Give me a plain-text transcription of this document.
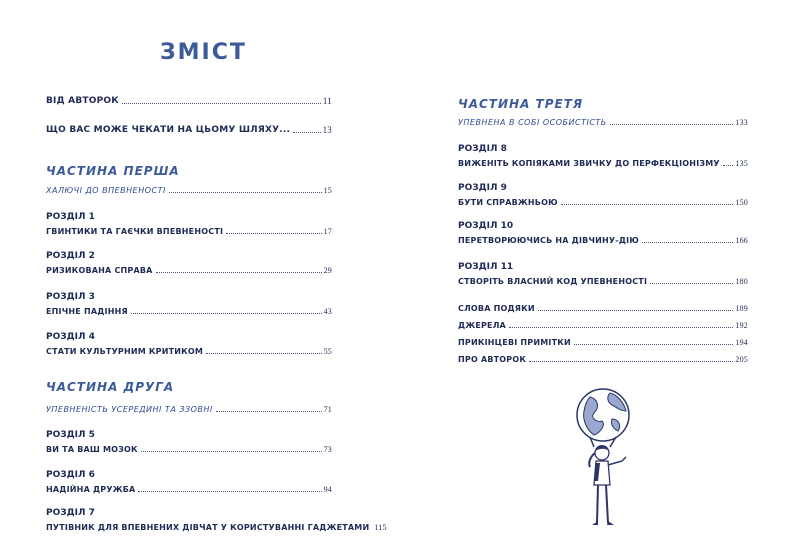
ЗМІСТ
ВІД АВТОРОК	11
ЩО ВАС МОЖЕ ЧЕКАТИ НА ЦЬОМУ ШЛЯХУ...	13
ЧАСТИНА ПЕРША
ХАЛЮЧІ ДО ВПЕВНЕНОСТІ	15
РОЗДІЛ 1
ГВИНТИКИ ТА ГАЄЧКИ ВПЕВНЕНОСТІ	17
РОЗДІЛ 2
РИЗИКОВАНА СПРАВА	29
РОЗДІЛ 3
ЕПІЧНЕ ПАДІННЯ	43
РОЗДІЛ 4
СТАТИ КУЛЬТУРНИМ КРИТИКОМ	55
ЧАСТИНА ДРУГА
УПЕВНЕНІСТЬ УСЕРЕДИНІ ТА ЗЗОВНІ	71
РОЗДІЛ 5
ВИ ТА ВАШ МОЗОК	73
РОЗДІЛ 6
НАДІЙНА ДРУЖБА	94
РОЗДІЛ 7
ПУТІВНИК ДЛЯ ВПЕВНЕНИХ ДІВЧАТ У КОРИСТУВАННІ ГАДЖЕТАМИ 115
ЧАСТИНА ТРЕТЯ
УПЕВНЕНА В СОБІ ОСОБИСТІСТЬ	133
РОЗДІЛ 8
ВИЖЕНІТЬ КОПІЯКАМИ ЗВИЧКУ ДО ПЕРФЕКЦІОНІЗМУ 135
РОЗДІЛ 9
БУТИ СПРАВЖНЬОЮ	150
РОЗДІЛ 10
ПЕРЕТВОРЮЮЧИСЬ НА ДІВЧИНУ-ДІЮ	166
РОЗДІЛ 11
СТВОРІТЬ ВЛАСНИЙ КОД УПЕВНЕНОСТІ	180
СЛОВА ПОДЯКИ	189
ДЖЕРЕЛА	192
ПРИКІНЦЕВІ ПРИМІТКИ	194
ПРО АВТОРОК	205
